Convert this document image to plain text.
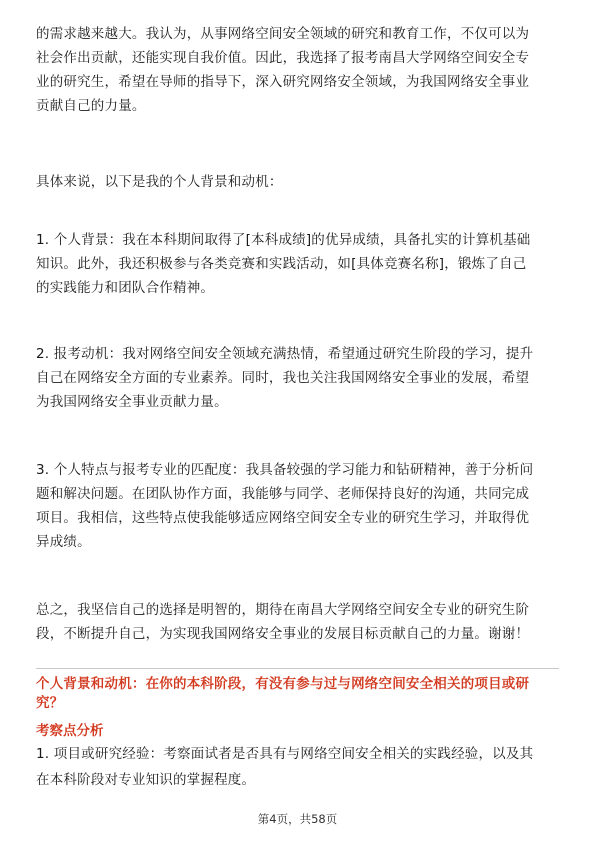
的需求越来越大。我认为，从事网络空间安全领域的研究和教育工作，不仅可以为
社会作出贡献，还能实现自我价值。因此，我选择了报考南昌大学网络空间安全专
业的研究生，希望在导师的指导下，深入研究网络安全领域，为我国网络安全事业
贡献自己的力量。

具体来说，以下是我的个人背景和动机：

1. 个人背景：我在本科期间取得了[本科成绩]的优异成绩，具备扎实的计算机基础
知识。此外，我还积极参与各类竞赛和实践活动，如[具体竞赛名称]，锻炼了自己
的实践能力和团队合作精神。

2. 报考动机：我对网络空间安全领域充满热情，希望通过研究生阶段的学习，提升
自己在网络安全方面的专业素养。同时，我也关注我国网络安全事业的发展，希望
为我国网络安全事业贡献力量。

3. 个人特点与报考专业的匹配度：我具备较强的学习能力和钻研精神，善于分析问
题和解决问题。在团队协作方面，我能够与同学、老师保持良好的沟通，共同完成
项目。我相信，这些特点使我能够适应网络空间安全专业的研究生学习，并取得优
异成绩。

总之，我坚信自己的选择是明智的，期待在南昌大学网络空间安全专业的研究生阶
段，不断提升自己，为实现我国网络安全事业的发展目标贡献自己的力量。谢谢！

个人背景和动机：在你的本科阶段，有没有参与过与网络空间安全相关的项目或研
究？

考察点分析

1. 项目或研究经验：考察面试者是否具有与网络空间安全相关的实践经验，以及其
在本科阶段对专业知识的掌握程度。

第4页，共58页
